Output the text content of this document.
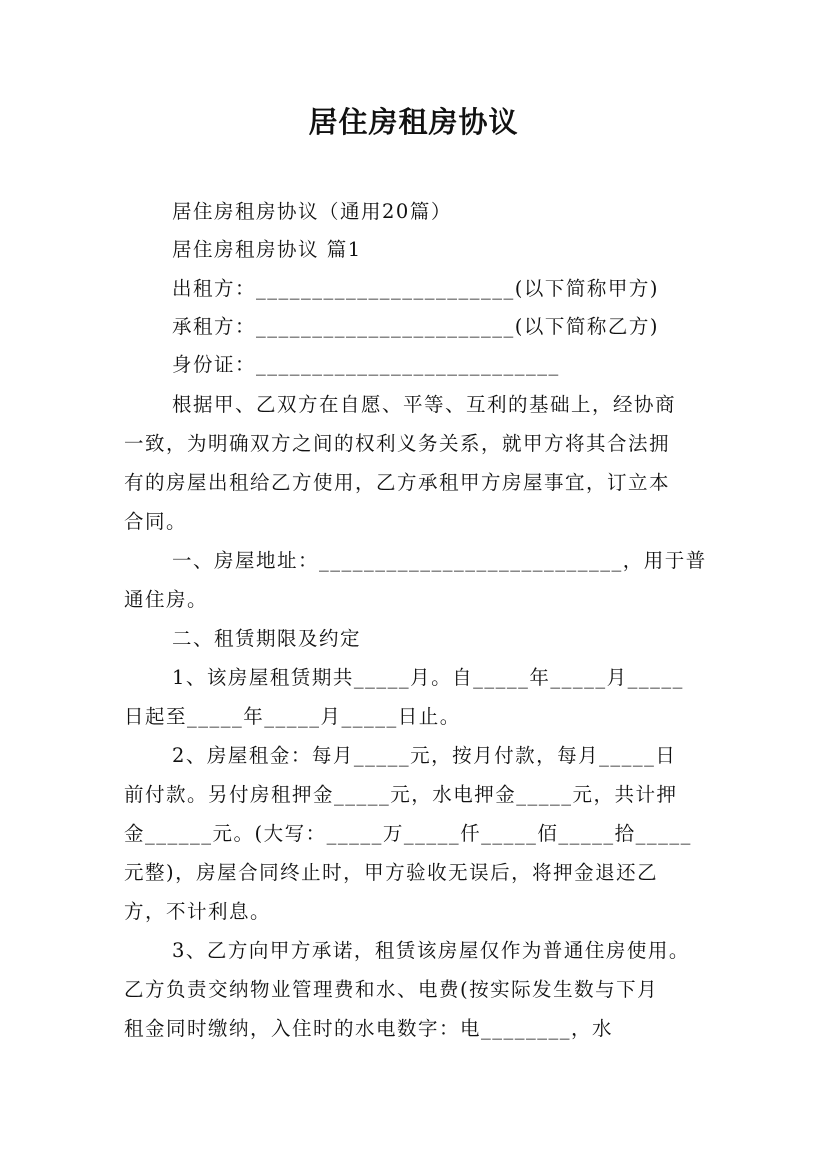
居住房租房协议
居住房租房协议（通用20篇）
居住房租房协议 篇1
出租方：_______________________(以下简称甲方)
承租方：_______________________(以下简称乙方)
身份证：___________________________
根据甲、乙双方在自愿、平等、互利的基础上，经协商
一致，为明确双方之间的权利义务关系，就甲方将其合法拥
有的房屋出租给乙方使用，乙方承租甲方房屋事宜，订立本
合同。
一、房屋地址：___________________________，用于普
通住房。
二、租赁期限及约定
1、该房屋租赁期共_____月。自_____年_____月_____
日起至_____年_____月_____日止。
2、房屋租金：每月_____元，按月付款，每月_____日
前付款。另付房租押金_____元，水电押金_____元，共计押
金______元。(大写：_____万_____仟_____佰_____拾_____
元整)，房屋合同终止时，甲方验收无误后，将押金退还乙
方，不计利息。
3、乙方向甲方承诺，租赁该房屋仅作为普通住房使用。
乙方负责交纳物业管理费和水、电费(按实际发生数与下月
租金同时缴纳，入住时的水电数字：电________，水
